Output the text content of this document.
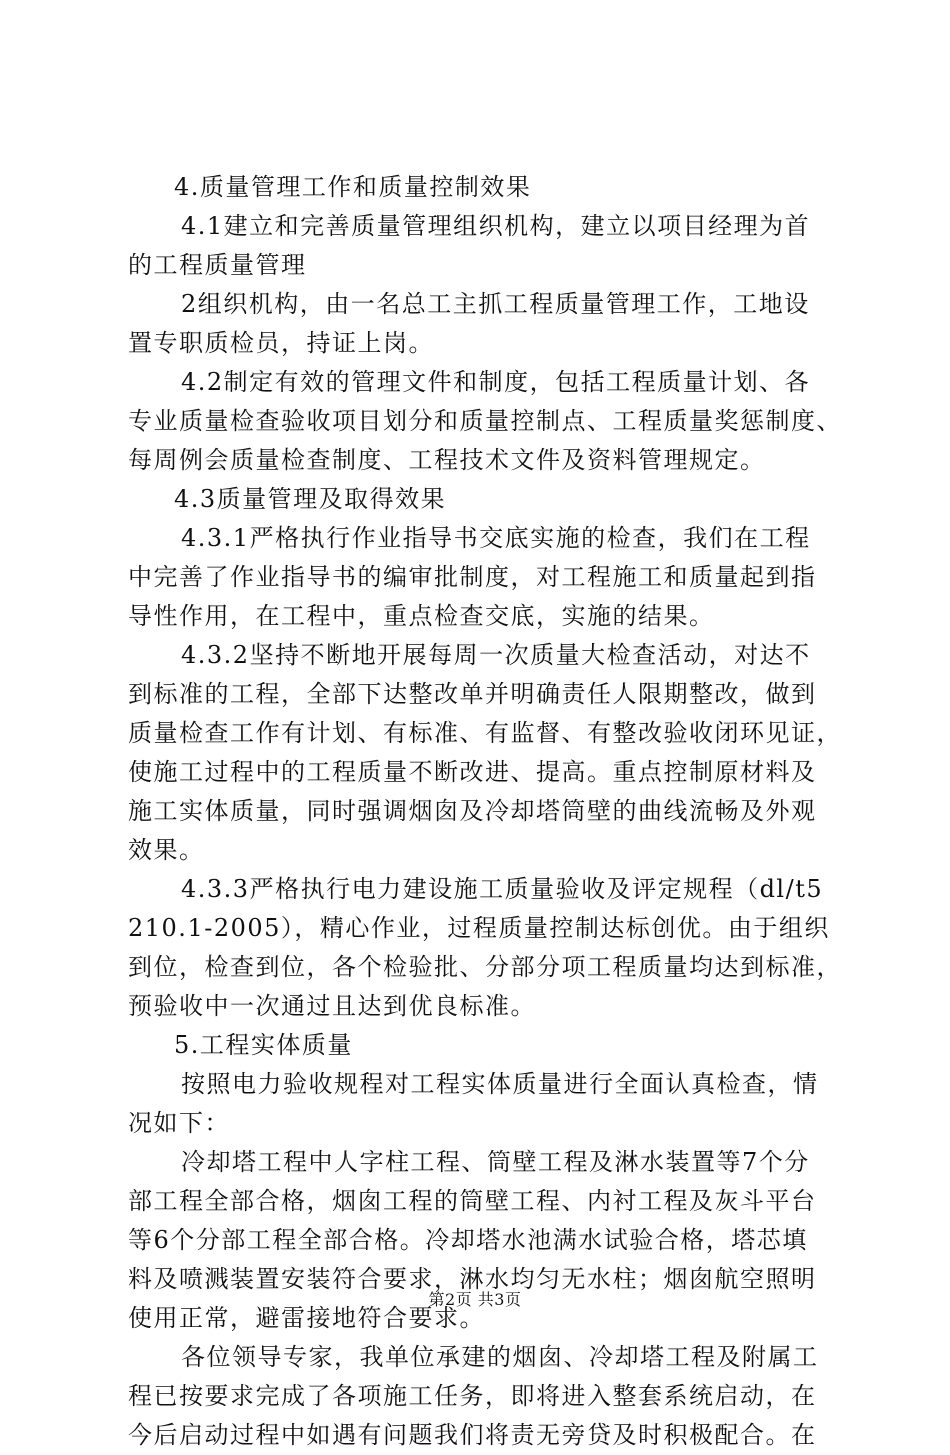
4.质量管理工作和质量控制效果
4.1建立和完善质量管理组织机构，建立以项目经理为首
的工程质量管理
2组织机构，由一名总工主抓工程质量管理工作，工地设
置专职质检员，持证上岗。
4.2制定有效的管理文件和制度，包括工程质量计划、各
专业质量检查验收项目划分和质量控制点、工程质量奖惩制度、
每周例会质量检查制度、工程技术文件及资料管理规定。
4.3质量管理及取得效果
4.3.1严格执行作业指导书交底实施的检查，我们在工程
中完善了作业指导书的编审批制度，对工程施工和质量起到指
导性作用，在工程中，重点检查交底，实施的结果。
4.3.2坚持不断地开展每周一次质量大检查活动，对达不
到标准的工程，全部下达整改单并明确责任人限期整改，做到
质量检查工作有计划、有标准、有监督、有整改验收闭环见证，
使施工过程中的工程质量不断改进、提高。重点控制原材料及
施工实体质量，同时强调烟囱及冷却塔筒壁的曲线流畅及外观
效果。
4.3.3严格执行电力建设施工质量验收及评定规程（dl/t5
210.1-2005），精心作业，过程质量控制达标创优。由于组织
到位，检查到位，各个检验批、分部分项工程质量均达到标准，
预验收中一次通过且达到优良标准。
5.工程实体质量
按照电力验收规程对工程实体质量进行全面认真检查，情
况如下：
冷却塔工程中人字柱工程、筒壁工程及淋水装置等7个分
部工程全部合格，烟囱工程的筒壁工程、内衬工程及灰斗平台
等6个分部工程全部合格。冷却塔水池满水试验合格，塔芯填
料及喷溅装置安装符合要求，淋水均匀无水柱；烟囱航空照明
使用正常，避雷接地符合要求。
各位领导专家，我单位承建的烟囱、冷却塔工程及附属工
程已按要求完成了各项施工任务，即将进入整套系统启动，在
今后启动过程中如遇有问题我们将责无旁贷及时积极配合。在
第2页 共3页
